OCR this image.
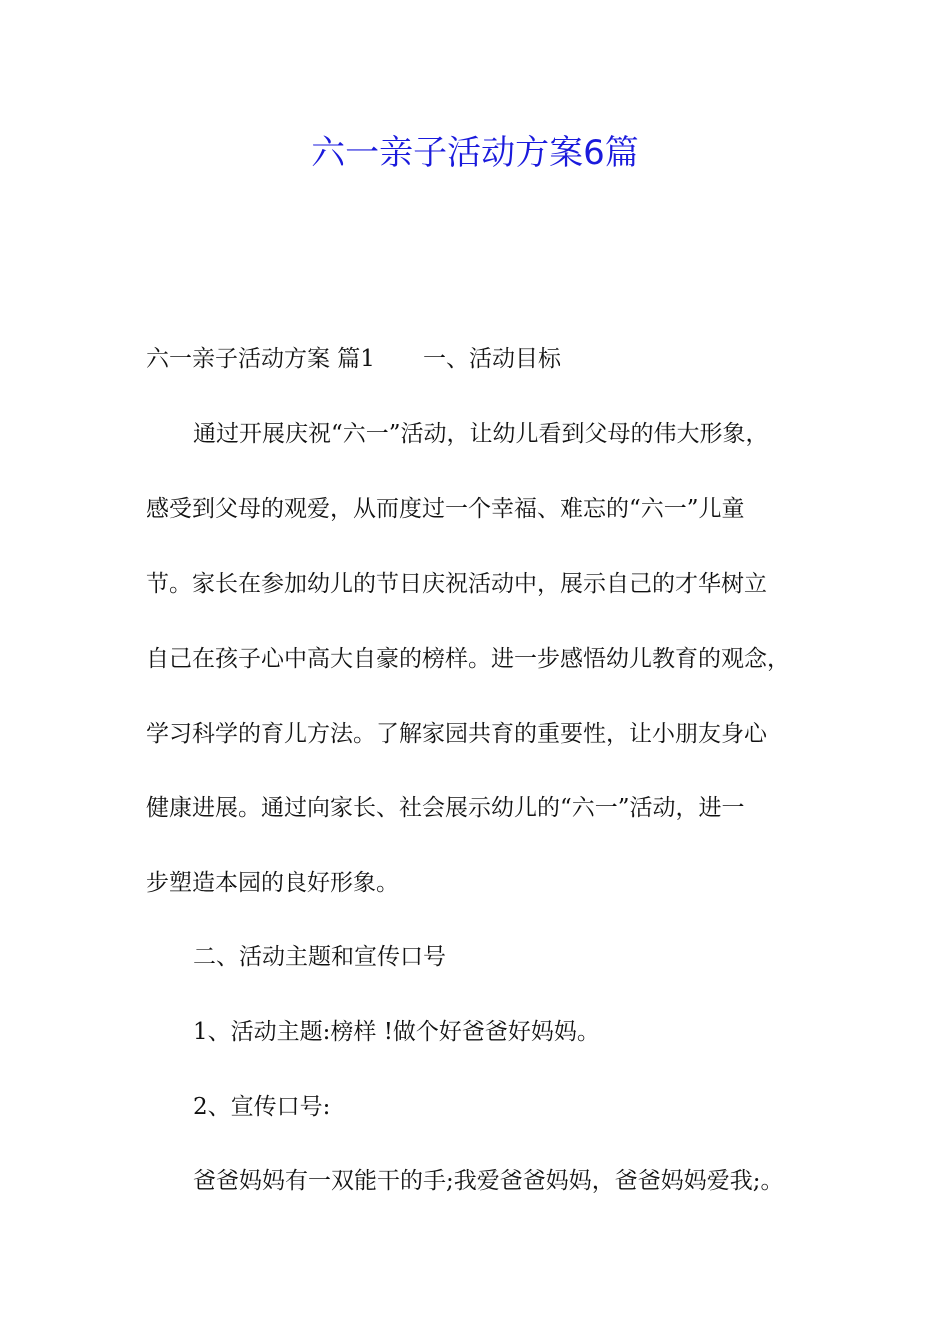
六一亲子活动方案6篇

六一亲子活动方案 篇1 一、活动目标

通过开展庆祝“六一”活动，让幼儿看到父母的伟大形象，

感受到父母的观爱，从而度过一个幸福、难忘的“六一”儿童

节。家长在参加幼儿的节日庆祝活动中，展示自己的才华树立

自己在孩子心中高大自豪的榜样。进一步感悟幼儿教育的观念，

学习科学的育儿方法。了解家园共育的重要性，让小朋友身心

健康进展。通过向家长、社会展示幼儿的“六一”活动，进一

步塑造本园的良好形象。

二、活动主题和宣传口号

1、活动主题:榜样 !做个好爸爸好妈妈。

2、宣传口号:

爸爸妈妈有一双能干的手;我爱爸爸妈妈，爸爸妈妈爱我;。
